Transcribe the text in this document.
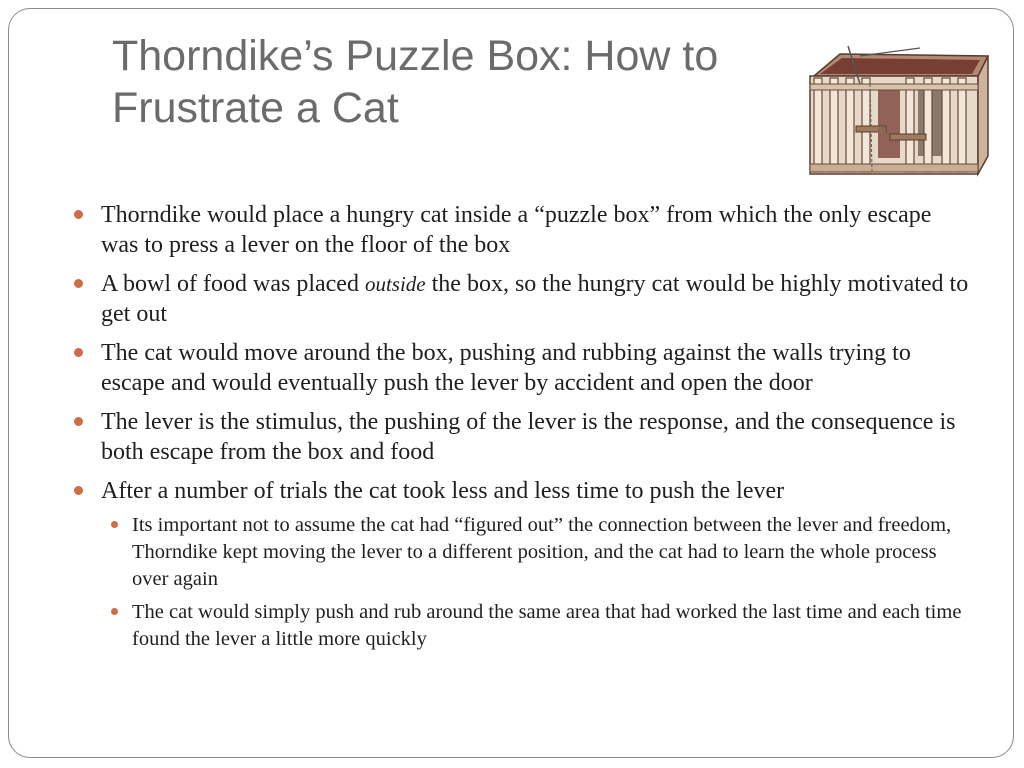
Thorndike’s Puzzle Box: How to
Frustrate a Cat
Thorndike would place a hungry cat inside a “puzzle box” from which the only escape was to press a lever on the floor of the box
A bowl of food was placed outside the box, so the hungry cat would be highly motivated to get out
The cat would move around the box, pushing and rubbing against the walls trying to escape and would eventually push the lever by accident and open the door
The lever is the stimulus, the pushing of the lever is the response, and the consequence is both escape from the box and food
After a number of trials the cat took less and less time to push the lever
Its important not to assume the cat had “figured out” the connection between the lever and freedom, Thorndike kept moving the lever to a different position, and the cat had to learn the whole process over again
The cat would simply push and rub around the same area that had worked the last time and each time found the lever a little more quickly
